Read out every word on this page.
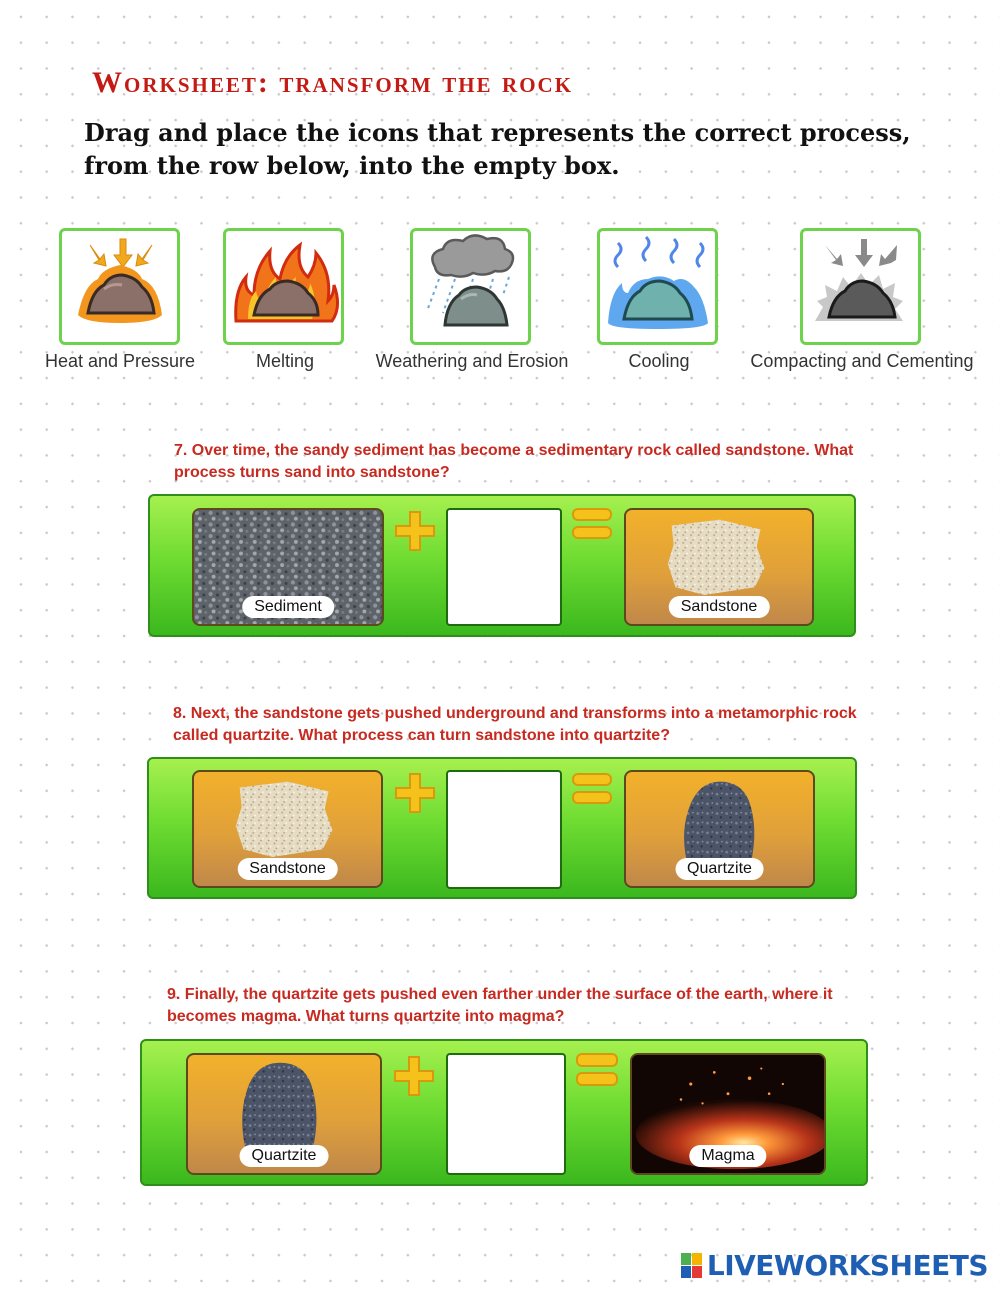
Worksheet: transform the rock

Drag and place the icons that represents the correct process, from the row below, into the empty box.

Heat and Pressure	Melting	Weathering and Erosion	Cooling	Compacting and Cementing

7. Over time, the sandy sediment has become a sedimentary rock called sandstone. What process turns sand into sandstone?

Sediment	Sandstone

8. Next, the sandstone gets pushed underground and transforms into a metamorphic rock called quartzite. What process can turn sandstone into quartzite?

Sandstone	Quartzite

9. Finally, the quartzite gets pushed even farther under the surface of the earth, where it becomes magma. What turns quartzite into magma?

Quartzite	Magma
LIVEWORKSHEETS
